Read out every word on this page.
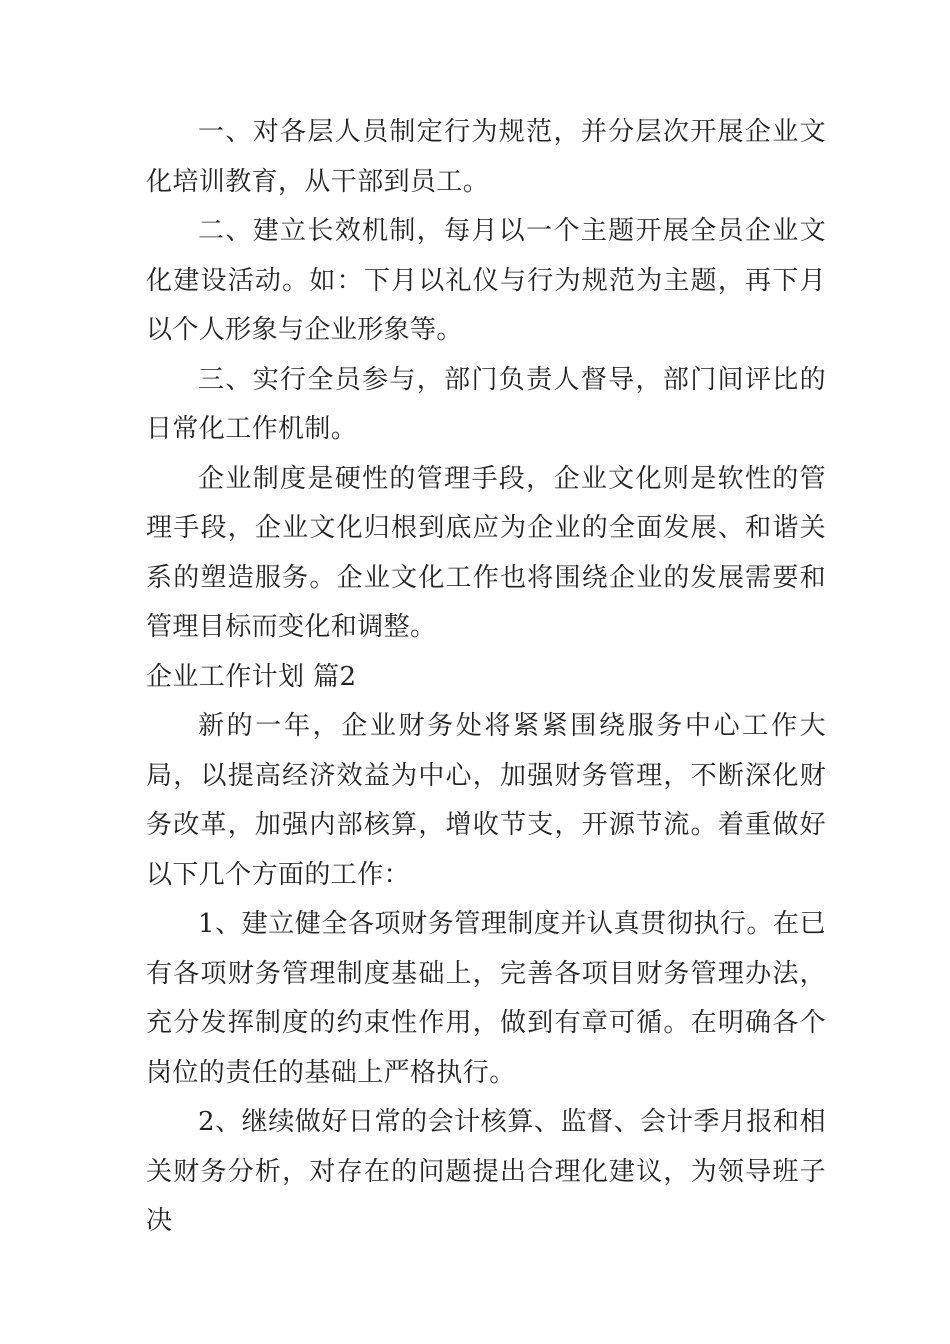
一、对各层人员制定行为规范，并分层次开展企业文化培训教育，从干部到员工。

二、建立长效机制，每月以一个主题开展全员企业文化建设活动。如：下月以礼仪与行为规范为主题，再下月以个人形象与企业形象等。

三、实行全员参与，部门负责人督导，部门间评比的日常化工作机制。

企业制度是硬性的管理手段，企业文化则是软性的管理手段，企业文化归根到底应为企业的全面发展、和谐关系的塑造服务。企业文化工作也将围绕企业的发展需要和管理目标而变化和调整。

企业工作计划 篇2

新的一年，企业财务处将紧紧围绕服务中心工作大局，以提高经济效益为中心，加强财务管理，不断深化财务改革，加强内部核算，增收节支，开源节流。着重做好以下几个方面的工作：

1、建立健全各项财务管理制度并认真贯彻执行。在已有各项财务管理制度基础上，完善各项目财务管理办法，充分发挥制度的约束性作用，做到有章可循。在明确各个岗位的责任的基础上严格执行。

2、继续做好日常的会计核算、监督、会计季月报和相关财务分析，对存在的问题提出合理化建议，为领导班子决
